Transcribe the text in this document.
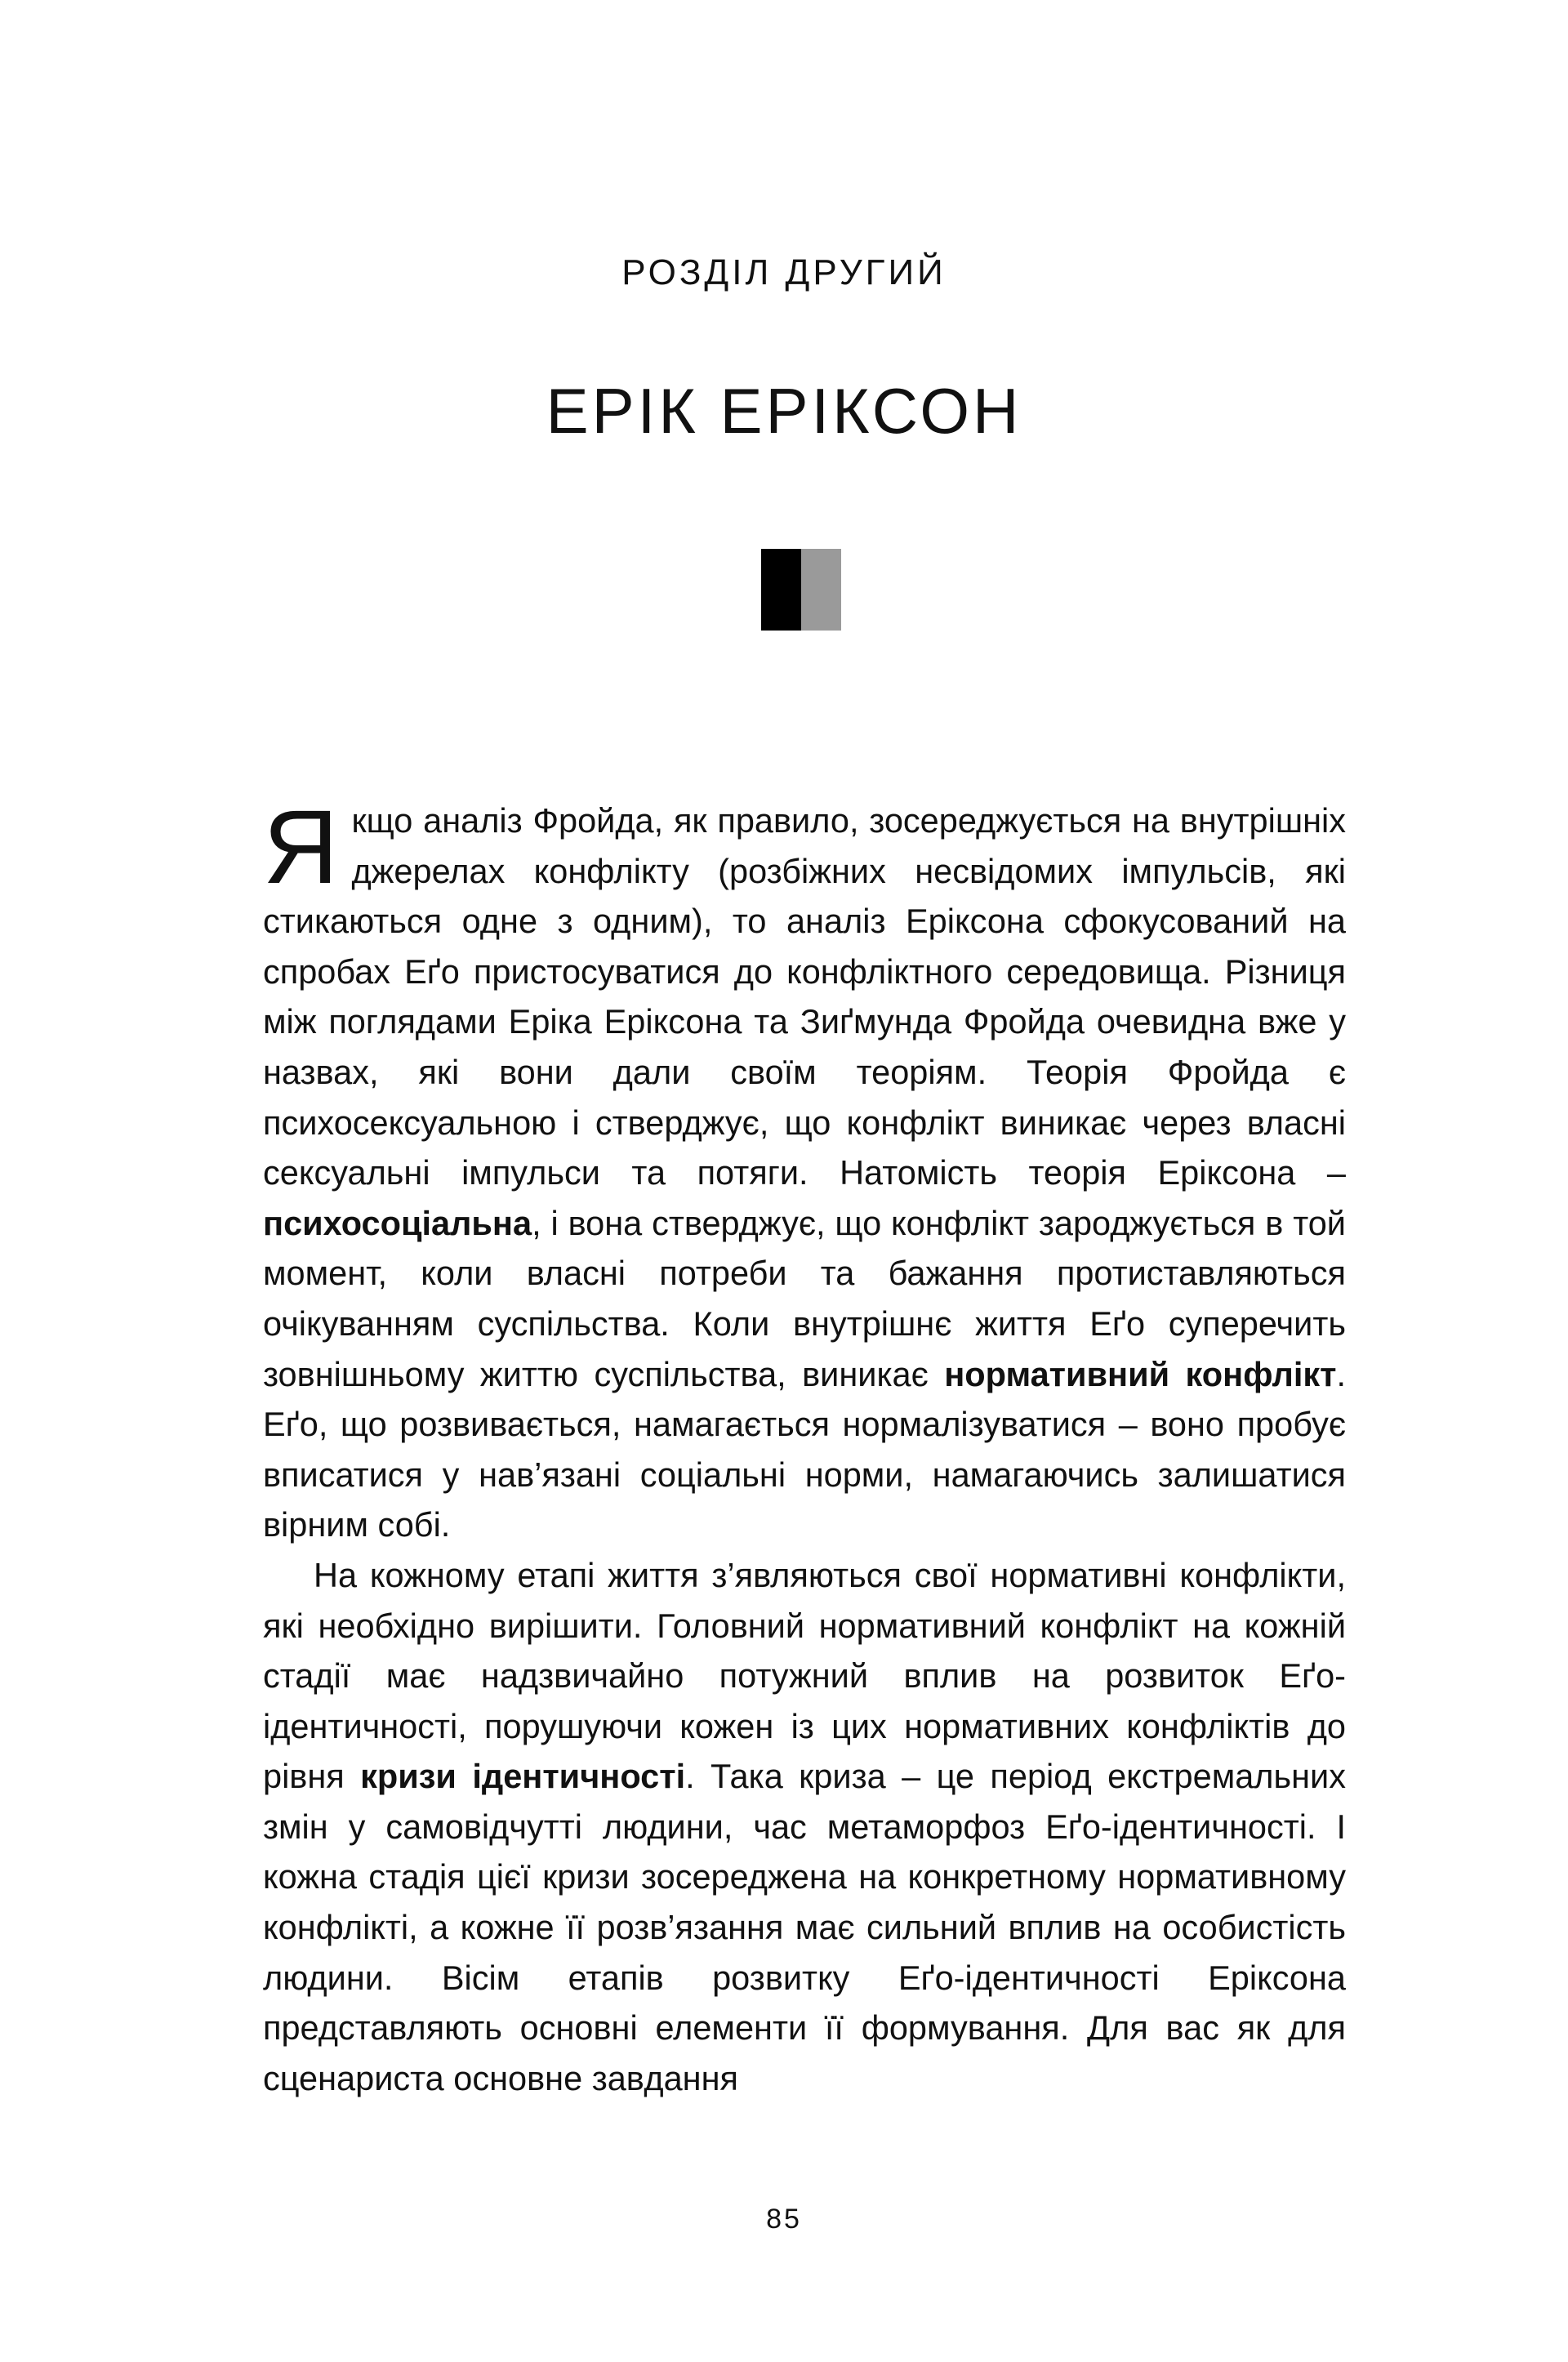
РОЗДІЛ ДРУГИЙ
ЕРІК ЕРІКСОН

Якщо аналіз Фройда, як правило, зосереджується на внутрішніх джерелах конфлікту (розбіжних несвідомих імпульсів, які стикаються одне з одним), то аналіз Еріксона сфокусований на спробах Еґо пристосуватися до конфліктного середовища. Різниця між поглядами Еріка Еріксона та Зиґмунда Фройда очевидна вже у назвах, які вони дали своїм теоріям. Теорія Фройда є психосексуальною і стверджує, що конфлікт виникає через власні сексуальні імпульси та потяги. Натомість теорія Еріксона – психосоціальна, і вона стверджує, що конфлікт зароджується в той момент, коли власні потреби та бажання протиставляються очікуванням суспільства. Коли внутрішнє життя Еґо суперечить зовнішньому життю суспільства, виникає нормативний конфлікт. Еґо, що розвивається, намагається нормалізуватися – воно пробує вписатися у нав’язані соціальні норми, намагаючись залишатися вірним собі.

На кожному етапі життя з’являються свої нормативні конфлікти, які необхідно вирішити. Головний нормативний конфлікт на кожній стадії має надзвичайно потужний вплив на розвиток Еґо-ідентичності, порушуючи кожен із цих нормативних конфліктів до рівня кризи ідентичності. Така криза – це період екстремальних змін у самовідчутті людини, час метаморфоз Еґо-ідентичності. І кожна стадія цієї кризи зосереджена на конкретному нормативному конфлікті, а кожне її розв’язання має сильний вплив на особистість людини. Вісім етапів розвитку Еґо-ідентичності Еріксона представляють основні елементи її формування. Для вас як для сценариста основне завдання

85
